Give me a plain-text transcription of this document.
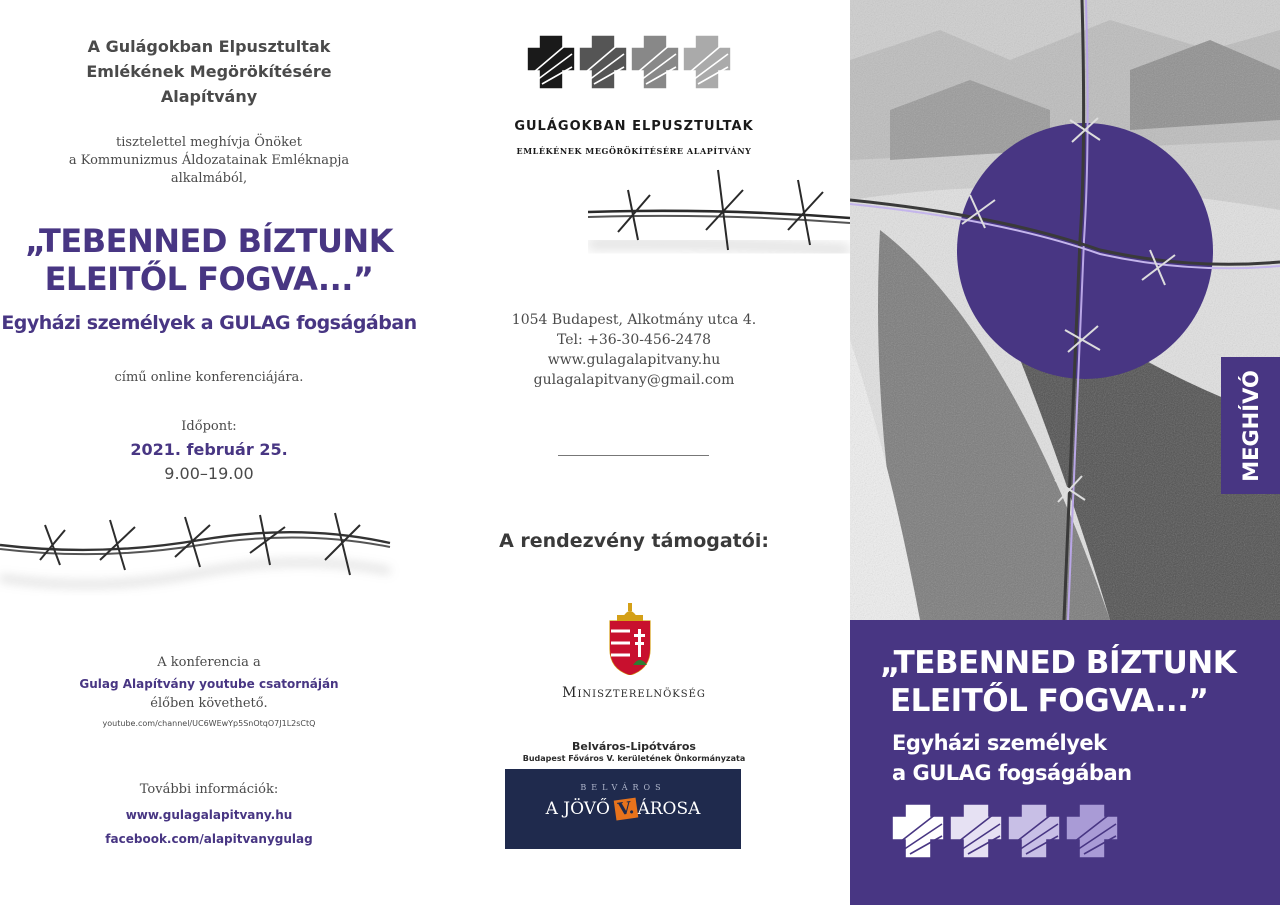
A Gulágokban Elpusztultak
Emlékének Megörökítésére
Alapítvány
tisztelettel meghívja Önöket
a Kommunizmus Áldozatainak Emléknapja
alkalmából,
„TEBENNED BÍZTUNK
ELEITŐL FOGVA...”
Egyházi személyek a GULAG fogságában
című online konferenciájára.
Időpont:
2021. február 25.
9.00–19.00
A konferencia a
Gulag Alapítvány youtube csatornáján
élőben követhető.
youtube.com/channel/UC6WEwYp5SnOtqO7J1L2sCtQ
További információk:
www.gulagalapitvany.hu
facebook.com/alapitvanygulag
GULÁGOKBAN ELPUSZTULTAK
EMLÉKÉNEK MEGÖRÖKÍTÉSÉRE ALAPÍTVÁNY
1054 Budapest, Alkotmány utca 4.
Tel: +36-30-456-2478
www.gulagalapitvany.hu
gulagalapitvany@gmail.com
A rendezvény támogatói:
Miniszterelnökség
Belváros-Lipótváros
Budapest Főváros V. kerületének Önkormányzata
BELVÁROS
A JÖVŐ V.ÁROSA
MEGHÍVÓ
„TEBENNED BÍZTUNK
ELEITŐL FOGVA...”
Egyházi személyek
a GULAG fogságában
